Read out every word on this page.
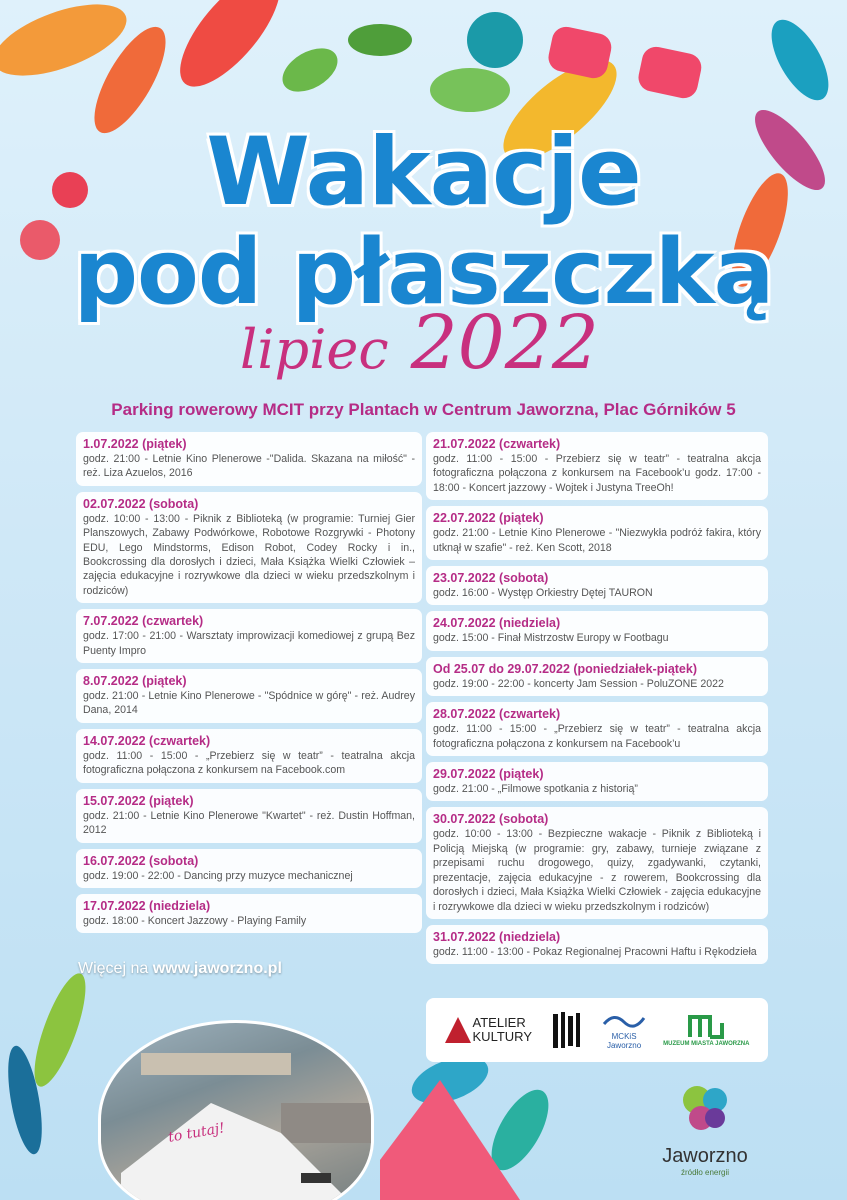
Wakacje
pod płaszczką
lipiec 2022
Parking rowerowy MCIT przy Plantach w Centrum Jaworzna, Plac Górników 5
1.07.2022 (piątek)
godz. 21:00 - Letnie Kino Plenerowe -"Dalida. Skazana na miłość" - reż. Liza Azuelos, 2016
02.07.2022 (sobota)
godz. 10:00 - 13:00 - Piknik z Biblioteką (w programie: Turniej Gier Planszowych, Zabawy Podwórkowe, Robotowe Rozgrywki - Photony EDU, Lego Mindstorms, Edison Robot, Codey Rocky i in., Bookcrossing dla dorosłych i dzieci, Mała Książka Wielki Człowiek – zajęcia edukacyjne i rozrywkowe dla dzieci w wieku przedszkolnym i rodziców)
7.07.2022 (czwartek)
godz. 17:00 - 21:00 - Warsztaty improwizacji komediowej z grupą Bez Puenty Impro
8.07.2022 (piątek)
godz. 21:00 - Letnie Kino Plenerowe - "Spódnice w górę" - reż. Audrey Dana, 2014
14.07.2022 (czwartek)
godz. 11:00 - 15:00 - „Przebierz się w teatr” - teatralna akcja fotograficzna połączona z konkursem na Facebook.com
15.07.2022 (piątek)
godz. 21:00 - Letnie Kino Plenerowe "Kwartet" - reż. Dustin Hoffman, 2012
16.07.2022 (sobota)
godz. 19:00 - 22:00 - Dancing przy muzyce mechanicznej
17.07.2022 (niedziela)
godz. 18:00 - Koncert Jazzowy - Playing Family
21.07.2022 (czwartek)
godz. 11:00 - 15:00 - Przebierz się w teatr” - teatralna akcja fotograficzna połączona z konkursem na Facebook’u godz. 17:00 - 18:00 - Koncert jazzowy - Wojtek i Justyna TreeOh!
22.07.2022 (piątek)
godz. 21:00 - Letnie Kino Plenerowe - "Niezwykła podróż fakira, który utknął w szafie" - reż. Ken Scott, 2018
23.07.2022 (sobota)
godz. 16:00 - Występ Orkiestry Dętej TAURON
24.07.2022 (niedziela)
godz. 15:00 - Finał Mistrzostw Europy w Footbagu
Od 25.07 do 29.07.2022 (poniedziałek-piątek)
godz. 19:00 - 22:00 - koncerty Jam Session - PoluZONE 2022
28.07.2022 (czwartek)
godz. 11:00 - 15:00 - „Przebierz się w teatr” - teatralna akcja fotograficzna połączona z konkursem na Facebook’u
29.07.2022 (piątek)
godz. 21:00 - „Filmowe spotkania z historią”
30.07.2022 (sobota)
godz. 10:00 - 13:00 - Bezpieczne wakacje - Piknik z Biblioteką i Policją Miejską (w programie: gry, zabawy, turnieje związane z przepisami ruchu drogowego, quizy, zgadywanki, czytanki, prezentacje, zajęcia edukacyjne - z rowerem, Bookcrossing dla dorosłych i dzieci, Mała Książka Wielki Człowiek - zajęcia edukacyjne i rozrywkowe dla dzieci w wieku przedszkolnym i rodziców)
31.07.2022 (niedziela)
godz. 11:00 - 13:00 - Pokaz Regionalnej Pracowni Haftu i Rękodzieła
Więcej na www.jaworzno.pl
ATELIER
KULTURY	MCKiS
Jaworzno	MUZEUM MIASTA JAWORZNA
to tutaj!
Jaworzno
źródło energii
